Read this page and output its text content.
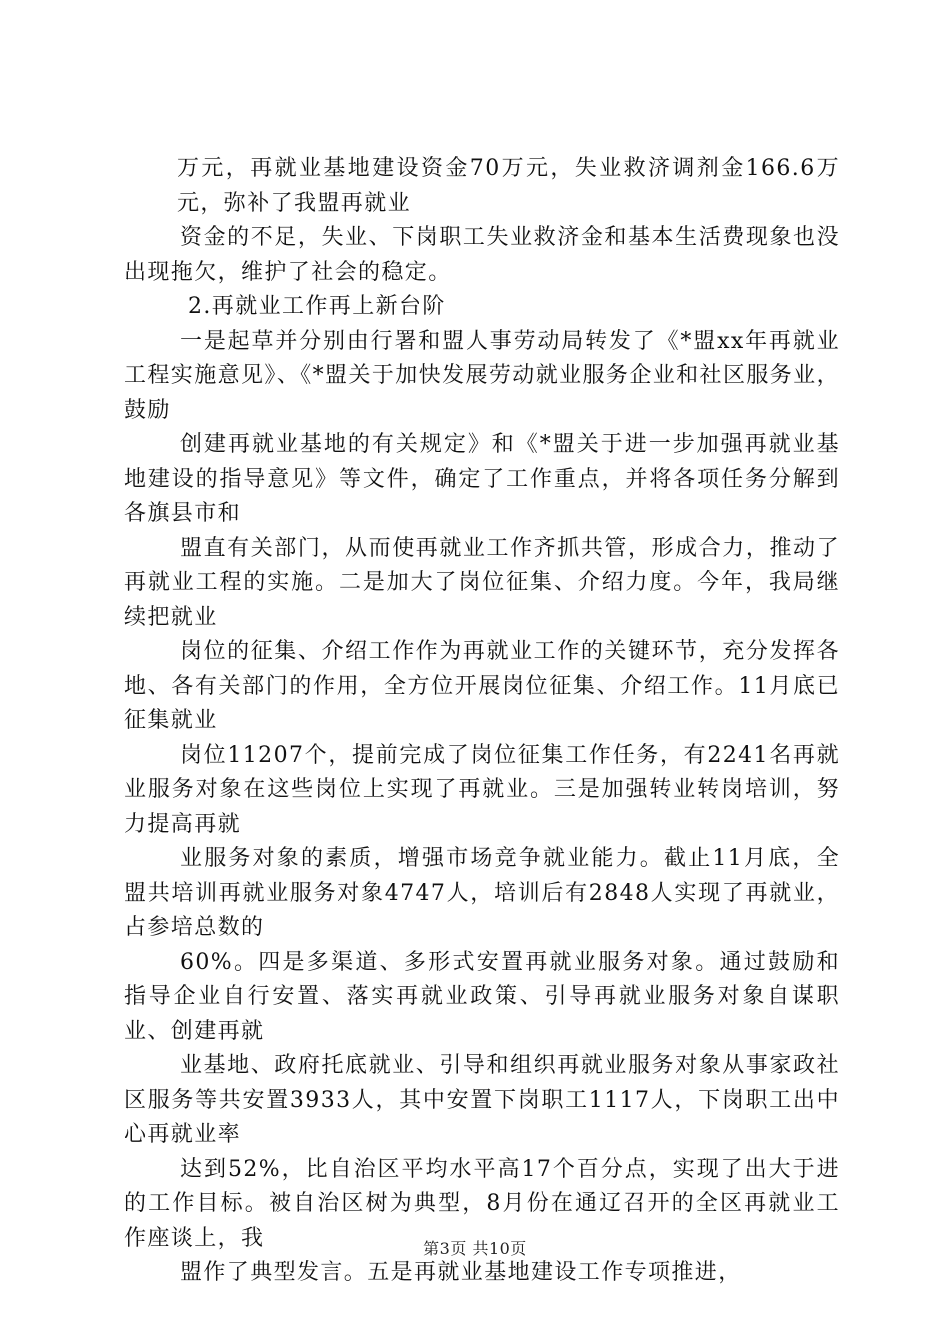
万元，再就业基地建设资金70万元，失业救济调剂金166.6万元，弥补了我盟再就业

资金的不足，失业、下岗职工失业救济金和基本生活费现象也没出现拖欠，维护了社会的稳定。

2.再就业工作再上新台阶

一是起草并分别由行署和盟人事劳动局转发了《*盟xx年再就业工程实施意见》、《*盟关于加快发展劳动就业服务企业和社区服务业，鼓励

创建再就业基地的有关规定》和《*盟关于进一步加强再就业基地建设的指导意见》等文件，确定了工作重点，并将各项任务分解到各旗县市和

盟直有关部门，从而使再就业工作齐抓共管，形成合力，推动了再就业工程的实施。二是加大了岗位征集、介绍力度。今年，我局继续把就业

岗位的征集、介绍工作作为再就业工作的关键环节，充分发挥各地、各有关部门的作用，全方位开展岗位征集、介绍工作。11月底已征集就业

岗位11207个，提前完成了岗位征集工作任务，有2241名再就业服务对象在这些岗位上实现了再就业。三是加强转业转岗培训，努力提高再就

业服务对象的素质，增强市场竞争就业能力。截止11月底，全盟共培训再就业服务对象4747人，培训后有2848人实现了再就业，占参培总数的

60%。四是多渠道、多形式安置再就业服务对象。通过鼓励和指导企业自行安置、落实再就业政策、引导再就业服务对象自谋职业、创建再就

业基地、政府托底就业、引导和组织再就业服务对象从事家政社区服务等共安置3933人，其中安置下岗职工1117人，下岗职工出中心再就业率

达到52%，比自治区平均水平高17个百分点，实现了出大于进的工作目标。被自治区树为典型，8月份在通辽召开的全区再就业工作座谈上，我

盟作了典型发言。五是再就业基地建设工作专项推进，

第3页 共10页
